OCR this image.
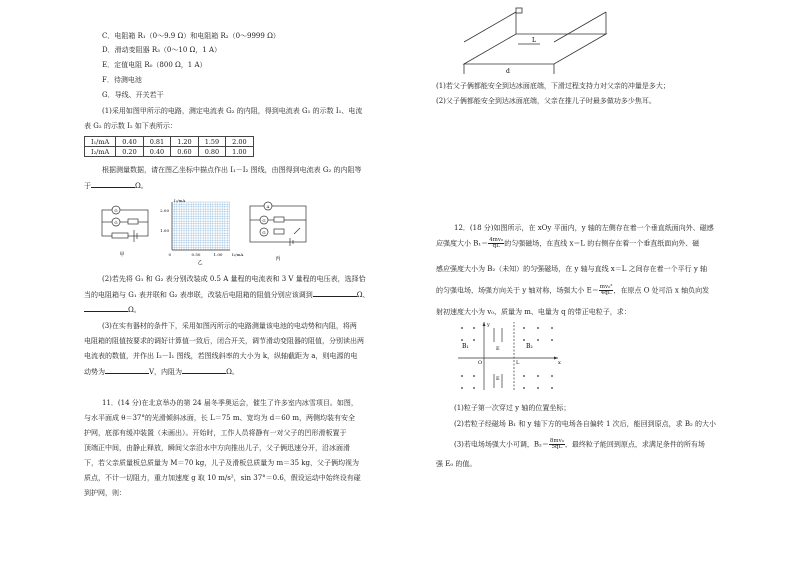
C．电阻箱 R₁（0～9.9 Ω）和电阻箱 R₂（0～9999 Ω）
D．滑动变阻器 R₃（0～10 Ω，1 A）
E．定值电阻 R₀（800 Ω，1 A）
F．待测电池
G．导线、开关若干
(1)采用如图甲所示的电路，测定电流表 G₂ 的内阻，得到电流表 G₁ 的示数 I₁、电流
表 G₂ 的示数 I₂ 如下表所示：
I₁/mA	0.40	0.81	1.20	1.59	2.00
I₂/mA	0.20	0.40	0.60	0.80	1.00
根据测量数据，请在图乙坐标中描点作出 I₁－I₂ 图线，由图得到电流表 G₂ 的内阻等
于	Ω。
G
G
甲
I₁/mA
2.00
1.00
0	0.50	1.00 I₂/mA
乙
A
G
G
丙
(2)若先将 G₁ 和 G₂ 表分别改装成 0.5 A 量程的电流表和 3 V 量程的电压表，选择恰
当的电阻箱与 G₁ 表并联和 G₂ 表串联，改装后电阻箱的阻值分别应该调到	Ω、
Ω。
(3)在实有器材的条件下，采用如图丙所示的电路测量该电池的电动势和内阻，将两
电阻箱的阻值按要求的调好计算值一致后，闭合开关，调节滑动变阻器的阻值，分别读出两
电流表的数值，并作出 I₂－I₁ 图线，若图线斜率的大小为 k，纵轴截距为 a，则电源的电
动势为	V，内阻为	Ω。
11．(14 分)在北京举办的第 24 届冬季奥运会，催生了许多室内冰雪项目。如图，
与水平面成 θ＝37°的光滑倾斜冰面，长 L＝75 m、宽均为 d＝60 m，两侧均装有安全
护网，底部有缓冲装置（未画出）。开始时，工作人员将静有一对父子的凹形滑板置于
顶端正中间，由静止释放，瞬间父亲沿水中方向推出儿子，父子俩迅速分开，沿冰面滑
下，若父亲质量板总质量为 M＝70 kg，儿子及滑板总质量为 m＝35 kg，父子俩均视为
质点，不计一切阻力，重力加速度 g 取 10 m/s²，sin 37°＝0.6，假设运动中始终设有碰
到护网，则：
L
d
(1)若父子俩都能安全到达冰面底端，下滑过程支持力对父亲的冲量是多大；
(2)父子俩都能安全到达冰面底端，父亲在推儿子时最多做功多少焦耳。
12．(18 分)如图所示，在 xOy 平面内，y 轴的左侧存在着一个垂直纸面向外、磁感
应强度大小 $B_1= \frac{\text{4mv₀}}{qL}$ 的匀强磁场，在直线 x＝L 的右侧存在着一个垂直纸面向外、磁
感应强度大小为 B₂（未知）的匀强磁场，在 y 轴与直线 x＝L 之间存在着一个平行 y 轴
的匀强电场，场强方向关于 y 轴对称，场强大小 $E= \frac{\text{mv₀²}}{4qL}$ ，在原点 O 处可沿 x 轴负向发
射初速度大小为 v₀、质量为 m、电量为 q 的带正电粒子，求：
B₁	B₂
E
E
O	L	x
y
(1)粒子第一次穿过 y 轴的位置坐标；
(2)若粒子经磁场 B₁ 和 y 轴下方的电场各自偏转 1 次后，能回到原点，求 B₂ 的大小
(3)若电场场强大小可调，$B_2= \frac{\text{8mv₀}}{5qL}$ ，最终粒子能回到原点，求满足条件的所有场
强 E₀ 的值。
